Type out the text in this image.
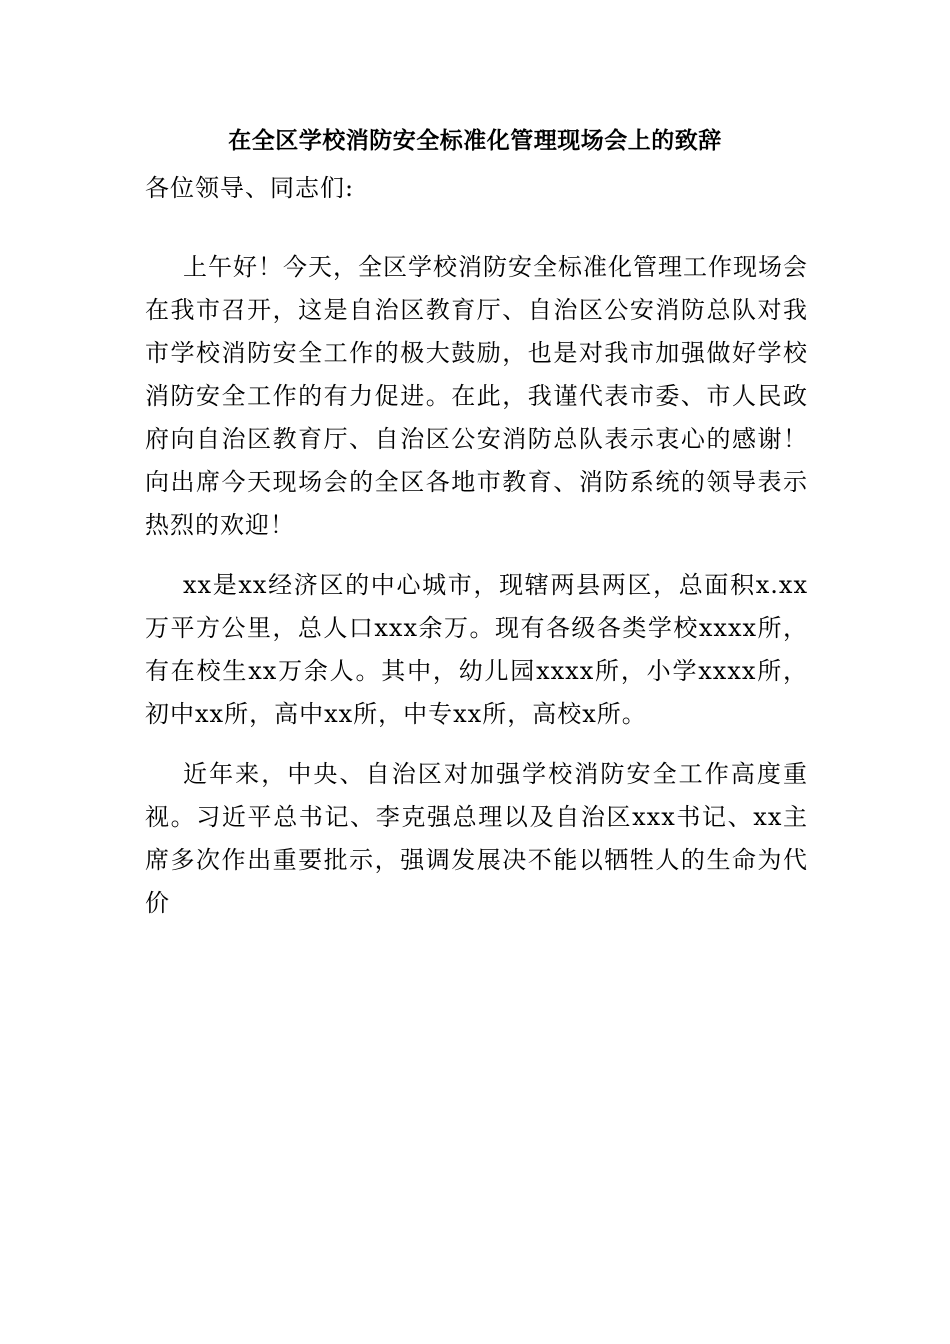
在全区学校消防安全标准化管理现场会上的致辞

各位领导、同志们:

上午好！今天，全区学校消防安全标准化管理工作现场会在我市召开，这是自治区教育厅、自治区公安消防总队对我市学校消防安全工作的极大鼓励，也是对我市加强做好学校消防安全工作的有力促进。在此，我谨代表市委、市人民政府向自治区教育厅、自治区公安消防总队表示衷心的感谢！向出席今天现场会的全区各地市教育、消防系统的领导表示热烈的欢迎！

xx是xx经济区的中心城市，现辖两县两区，总面积x.xx万平方公里，总人口xxx余万。现有各级各类学校xxxx所，有在校生xx万余人。其中，幼儿园xxxx所，小学xxxx所，初中xx所，高中xx所，中专xx所，高校x所。

近年来，中央、自治区对加强学校消防安全工作高度重视。习近平总书记、李克强总理以及自治区xxx书记、xx主席多次作出重要批示，强调发展决不能以牺牲人的生命为代价
